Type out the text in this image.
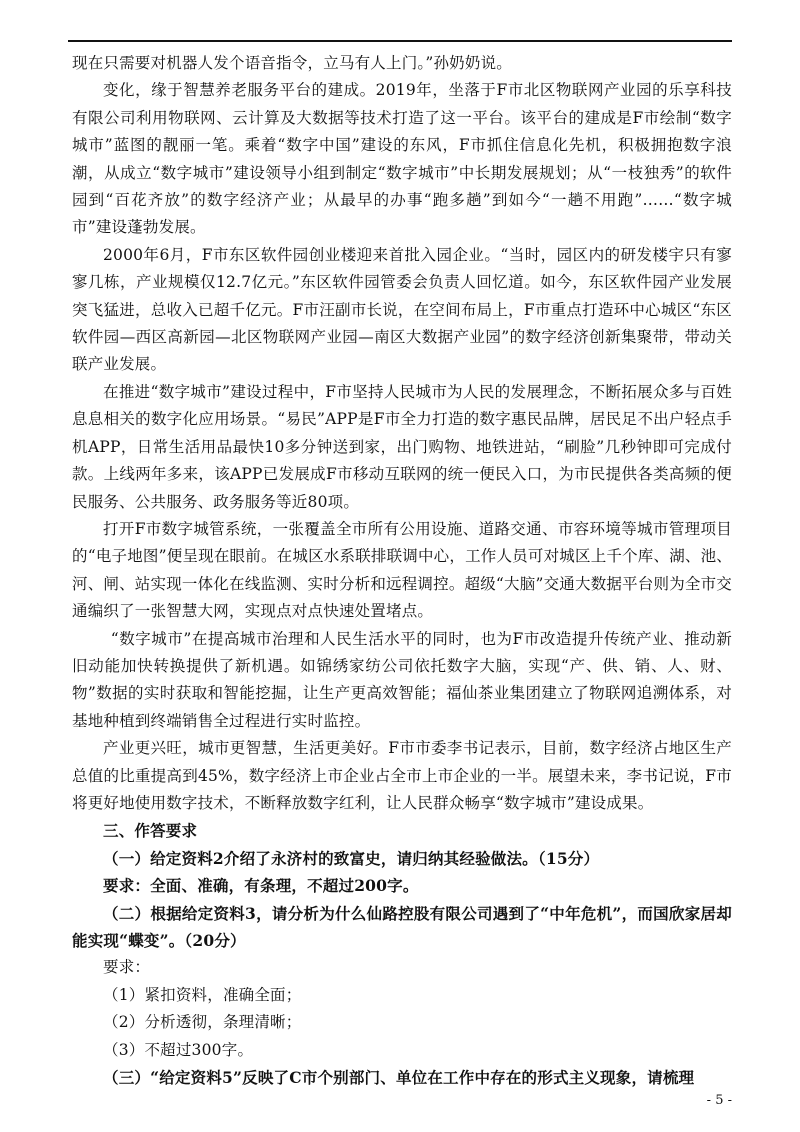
现在只需要对机器人发个语音指令，立马有人上门。”孙奶奶说。

变化，缘于智慧养老服务平台的建成。2019年，坐落于F市北区物联网产业园的乐享科技有限公司利用物联网、云计算及大数据等技术打造了这一平台。该平台的建成是F市绘制“数字城市”蓝图的靓丽一笔。乘着“数字中国”建设的东风，F市抓住信息化先机，积极拥抱数字浪潮，从成立“数字城市”建设领导小组到制定“数字城市”中长期发展规划；从“一枝独秀”的软件园到“百花齐放”的数字经济产业；从最早的办事“跑多趟”到如今“一趟不用跑”……“数字城市”建设蓬勃发展。

2000年6月，F市东区软件园创业楼迎来首批入园企业。“当时，园区内的研发楼宇只有寥寥几栋，产业规模仅12.7亿元。”东区软件园管委会负责人回忆道。如今，东区软件园产业发展突飞猛进，总收入已超千亿元。F市汪副市长说，在空间布局上，F市重点打造环中心城区“东区软件园—西区高新园—北区物联网产业园—南区大数据产业园”的数字经济创新集聚带，带动关联产业发展。

在推进“数字城市”建设过程中，F市坚持人民城市为人民的发展理念，不断拓展众多与百姓息息相关的数字化应用场景。“易民”APP是F市全力打造的数字惠民品牌，居民足不出户轻点手机APP，日常生活用品最快10多分钟送到家，出门购物、地铁进站，“刷脸”几秒钟即可完成付款。上线两年多来，该APP已发展成F市移动互联网的统一便民入口，为市民提供各类高频的便民服务、公共服务、政务服务等近80项。

打开F市数字城管系统，一张覆盖全市所有公用设施、道路交通、市容环境等城市管理项目的“电子地图”便呈现在眼前。在城区水系联排联调中心，工作人员可对城区上千个库、湖、池、河、闸、站实现一体化在线监测、实时分析和远程调控。超级“大脑”交通大数据平台则为全市交通编织了一张智慧大网，实现点对点快速处置堵点。

“数字城市”在提高城市治理和人民生活水平的同时，也为F市改造提升传统产业、推动新旧动能加快转换提供了新机遇。如锦绣家纺公司依托数字大脑，实现“产、供、销、人、财、物”数据的实时获取和智能挖掘，让生产更高效智能；福仙茶业集团建立了物联网追溯体系，对基地种植到终端销售全过程进行实时监控。

产业更兴旺，城市更智慧，生活更美好。F市市委李书记表示，目前，数字经济占地区生产总值的比重提高到45%，数字经济上市企业占全市上市企业的一半。展望未来，李书记说，F市将更好地使用数字技术，不断释放数字红利，让人民群众畅享“数字城市”建设成果。

三、作答要求

（一）给定资料2介绍了永济村的致富史，请归纳其经验做法。（15分）

要求：全面、准确，有条理，不超过200字。

（二）根据给定资料3，请分析为什么仙路控股有限公司遇到了“中年危机”，而国欣家居却能实现“蝶变”。（20分）

要求：

（1）紧扣资料，准确全面；
（2）分析透彻，条理清晰；
（3）不超过300字。

（三）“给定资料5”反映了C市个别部门、单位在工作中存在的形式主义现象，请梳理

- 5 -
